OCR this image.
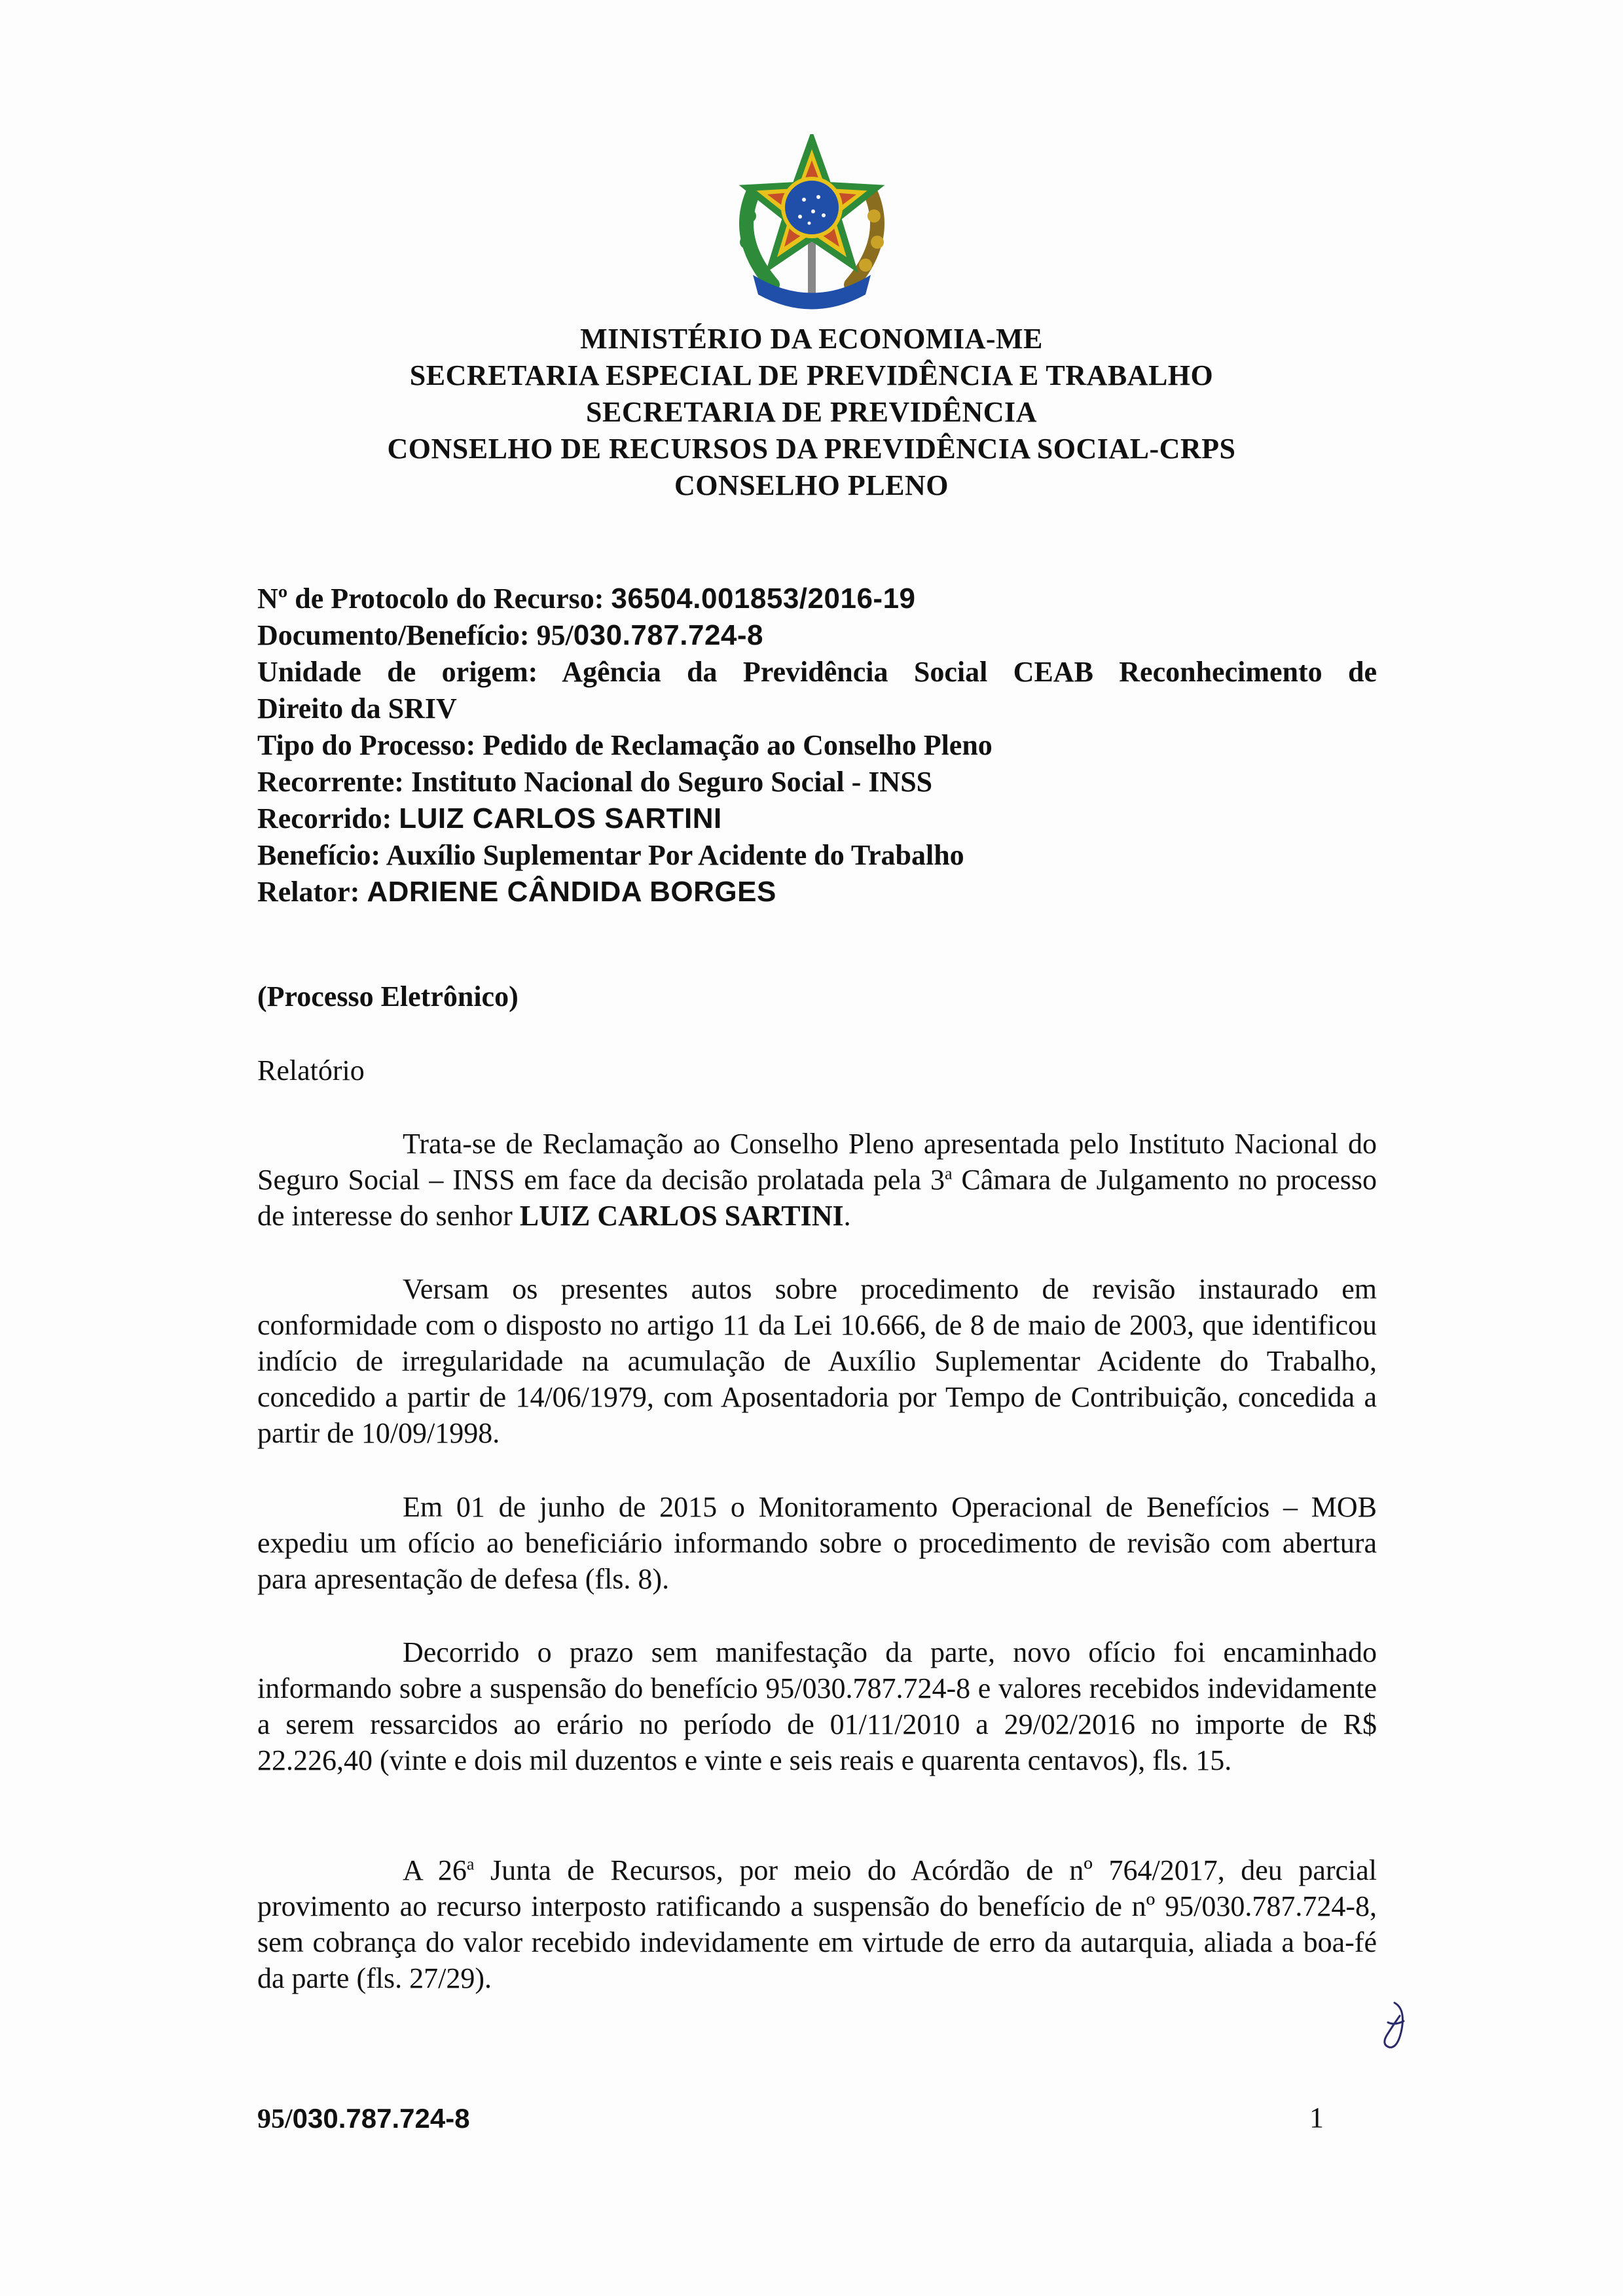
MINISTÉRIO DA ECONOMIA-ME
SECRETARIA ESPECIAL DE PREVIDÊNCIA E TRABALHO
SECRETARIA DE PREVIDÊNCIA
CONSELHO DE RECURSOS DA PREVIDÊNCIA SOCIAL-CRPS
CONSELHO PLENO
Nº de Protocolo do Recurso: 36504.001853/2016-19
Documento/Benefício: 95/030.787.724-8
Unidade de origem: Agência da Previdência Social CEAB Reconhecimento de
Direito da SRIV
Tipo do Processo: Pedido de Reclamação ao Conselho Pleno
Recorrente: Instituto Nacional do Seguro Social - INSS
Recorrido: LUIZ CARLOS SARTINI
Benefício: Auxílio Suplementar Por Acidente do Trabalho
Relator: ADRIENE CÂNDIDA BORGES
(Processo Eletrônico)
Relatório
Trata-se de Reclamação ao Conselho Pleno apresentada pelo Instituto Nacional do Seguro Social – INSS em face da decisão prolatada pela 3$^a$ Câmara de Julgamento no processo de interesse do senhor LUIZ CARLOS SARTINI.
Versam os presentes autos sobre procedimento de revisão instaurado em conformidade com o disposto no artigo 11 da Lei 10.666, de 8 de maio de 2003, que identificou indício de irregularidade na acumulação de Auxílio Suplementar Acidente do Trabalho, concedido a partir de 14/06/1979, com Aposentadoria por Tempo de Contribuição, concedida a partir de 10/09/1998.
Em 01 de junho de 2015 o Monitoramento Operacional de Benefícios – MOB expediu um ofício ao beneficiário informando sobre o procedimento de revisão com abertura para apresentação de defesa (fls. 8).
Decorrido o prazo sem manifestação da parte, novo ofício foi encaminhado informando sobre a suspensão do benefício 95/030.787.724-8 e valores recebidos indevidamente a serem ressarcidos ao erário no período de 01/11/2010 a 29/02/2016 no importe de R$ 22.226,40 (vinte e dois mil duzentos e vinte e seis reais e quarenta centavos), fls. 15.
A 26$^a$ Junta de Recursos, por meio do Acórdão de nº 764/2017, deu parcial provimento ao recurso interposto ratificando a suspensão do benefício de nº 95/030.787.724-8, sem cobrança do valor recebido indevidamente em virtude de erro da autarquia, aliada a boa-fé da parte (fls. 27/29).
95/030.787.724-8	1
